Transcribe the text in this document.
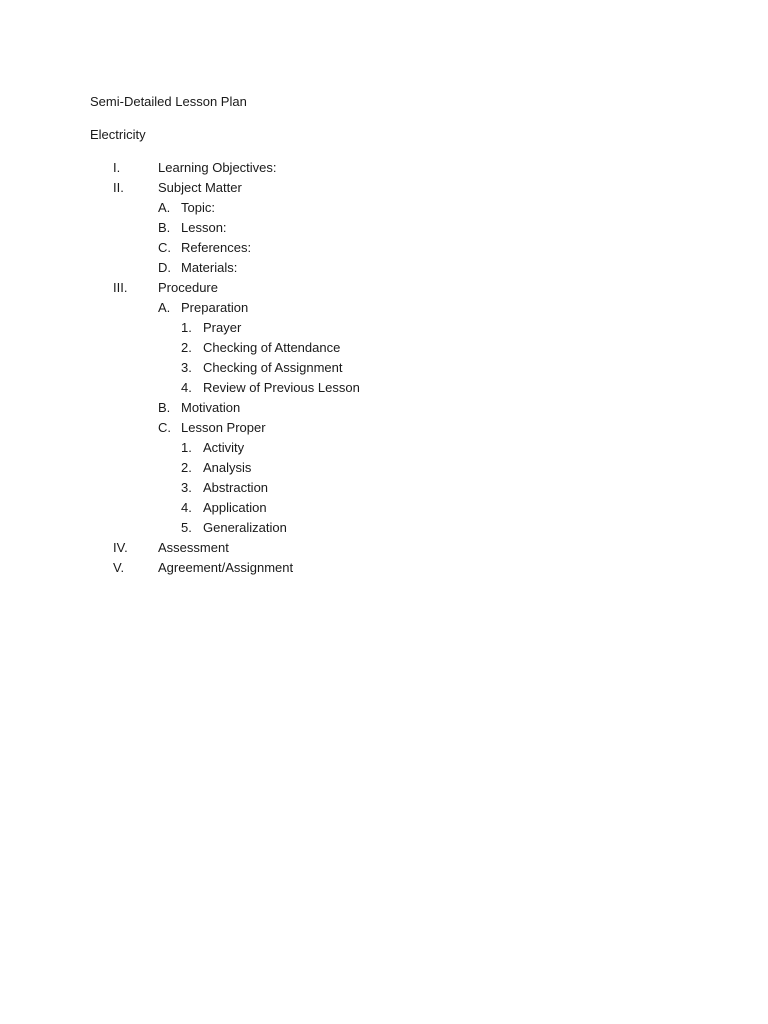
Semi-Detailed Lesson Plan
Electricity
I.	Learning Objectives:
II.	Subject Matter
A. Topic:
B. Lesson:
C. References:
D. Materials:
III. Procedure
A. Preparation
1. Prayer
2. Checking of Attendance
3. Checking of Assignment
4. Review of Previous Lesson
B. Motivation
C. Lesson Proper
1. Activity
2. Analysis
3. Abstraction
4. Application
5. Generalization
IV. Assessment
V.	Agreement/Assignment
